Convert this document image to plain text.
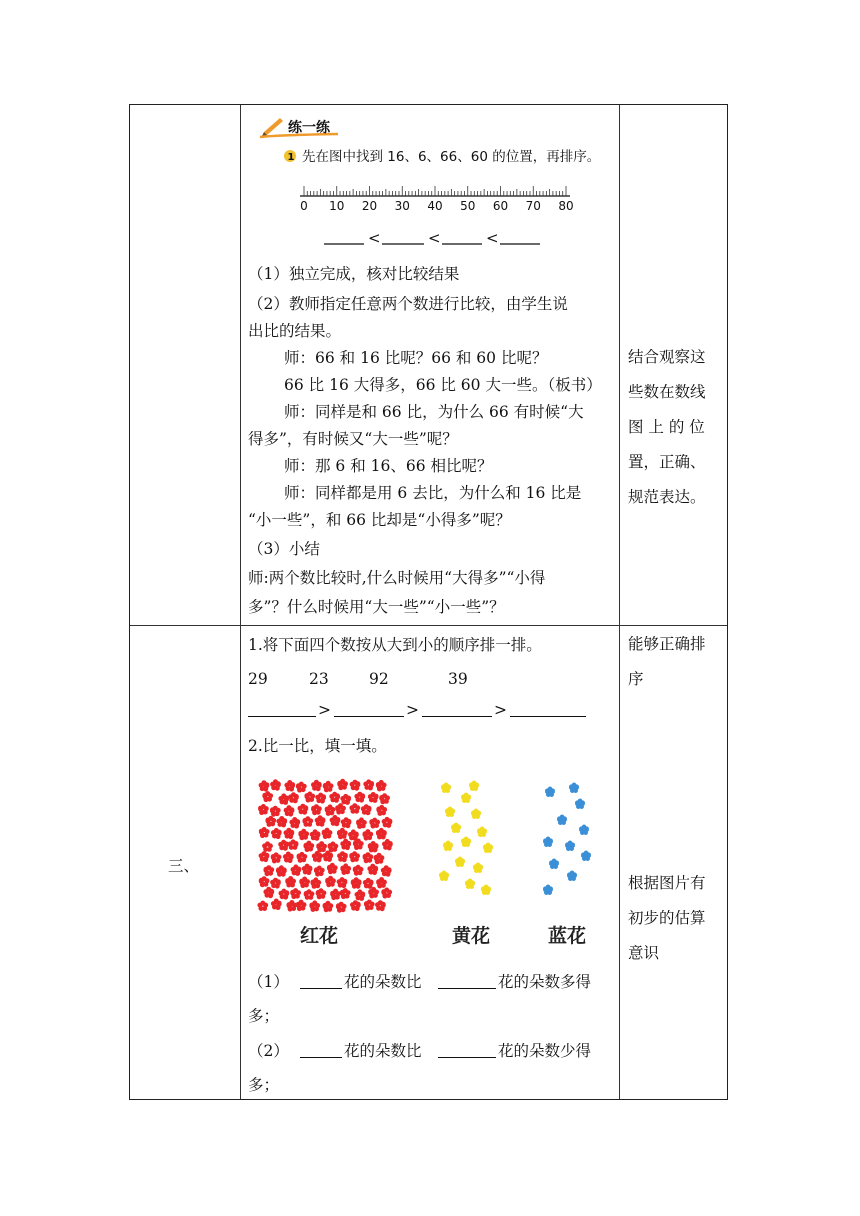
练一练
1 先在图中找到 16、6、66、60 的位置，再排序。
0 10 20 30 40 50 60 70 80
<	<	<
（1）独立完成，核对比较结果
（2）教师指定任意两个数进行比较，由学生说
出比的结果。
师：66 和 16 比呢？66 和 60 比呢？
66 比 16 大得多，66 比 60 大一些。（板书）
师：同样是和 66 比，为什么 66 有时候“大
得多”，有时候又“大一些”呢？
师：那 6 和 16、66 相比呢？
师：同样都是用 6 去比，为什么和 16 比是
“小一些”，和 66 比却是“小得多”呢？
（3）小结
师:两个数比较时,什么时候用“大得多”“小得
多”？什么时候用“大一些”“小一些”？
结合观察这
些数在数线
图 上 的 位
置，正确、
规范表达。
三、
1.将下面四个数按从大到小的顺序排一排。
29	23	92	39
>	>	>
2.比一比，填一填。
红花	黄花	蓝花
（1）	花的朵数比	花的朵数多得
多；
（2）	花的朵数比	花的朵数少得
多；
能够正确排
序
根据图片有
初步的估算
意识
